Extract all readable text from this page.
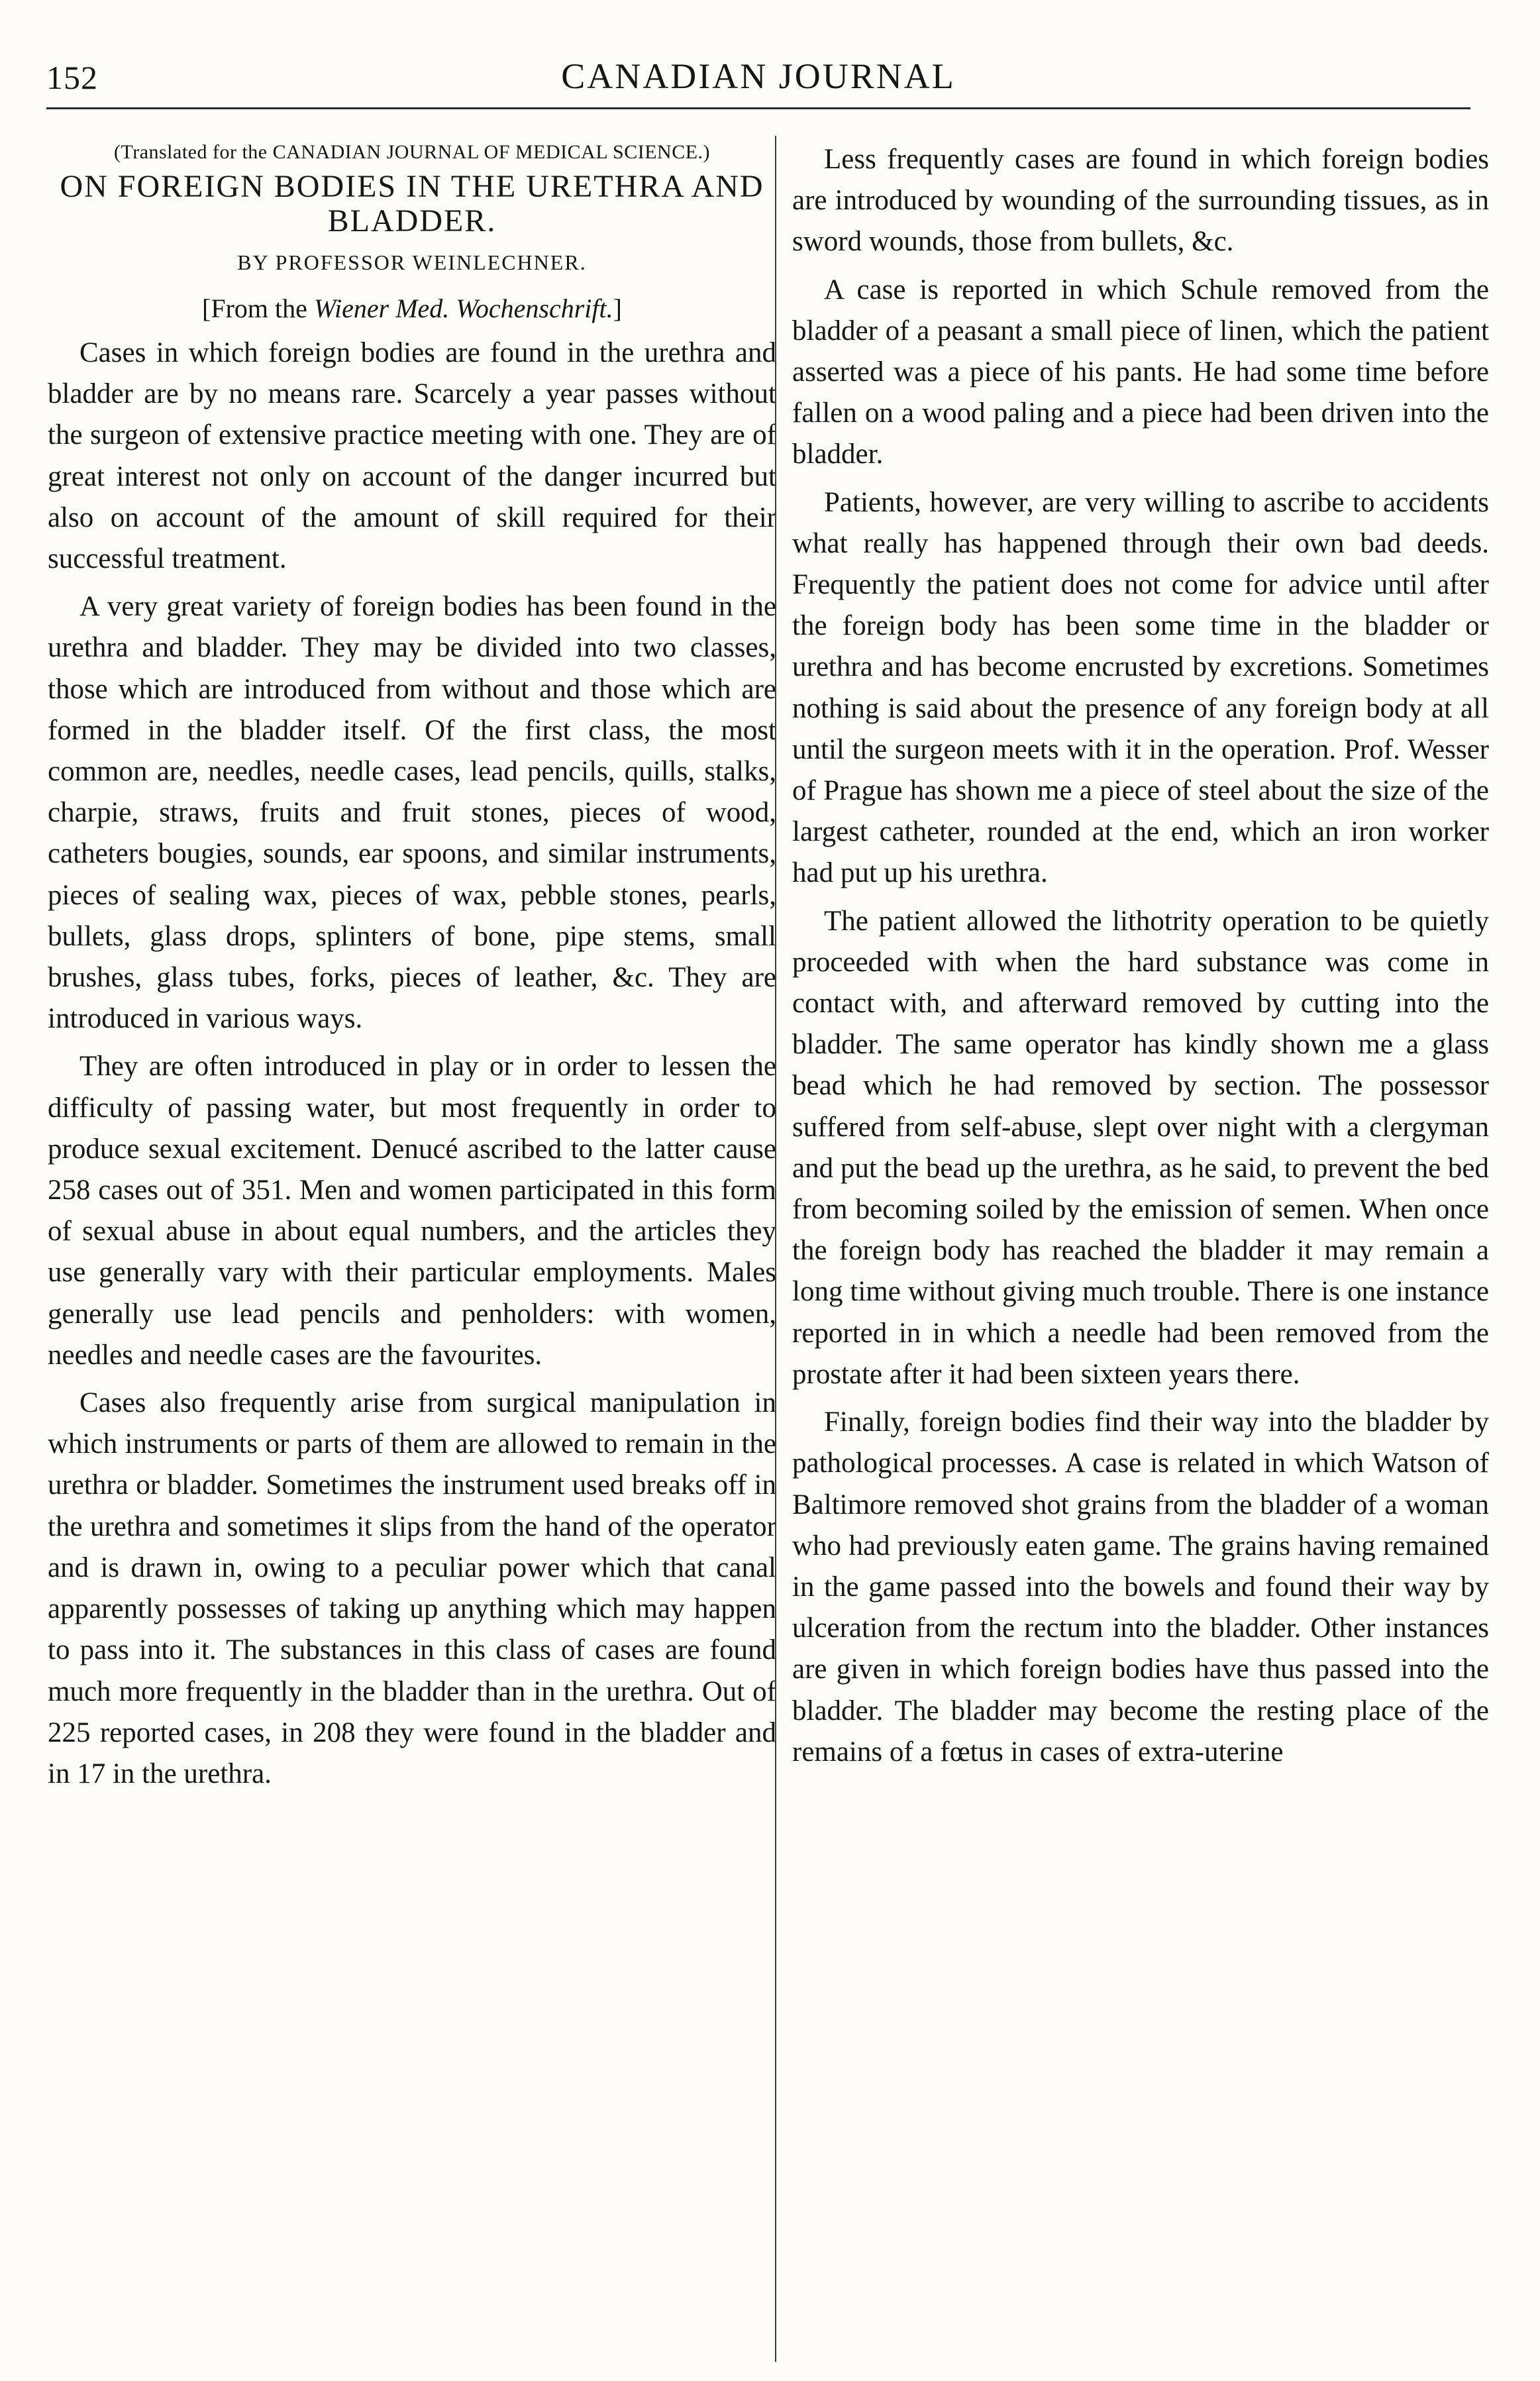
152	CANADIAN JOURNAL

(Translated for the CANADIAN JOURNAL OF MEDICAL SCIENCE.)

ON FOREIGN BODIES IN THE URETHRA AND BLADDER.

BY PROFESSOR WEINLECHNER.

[From the Wiener Med. Wochenschrift.]

Cases in which foreign bodies are found in the urethra and bladder are by no means rare. Scarcely a year passes without the surgeon of extensive practice meeting with one. They are of great interest not only on account of the danger incurred but also on account of the amount of skill required for their successful treatment.

A very great variety of foreign bodies has been found in the urethra and bladder. They may be divided into two classes, those which are introduced from without and those which are formed in the bladder itself. Of the first class, the most common are, needles, needle cases, lead pencils, quills, stalks, charpie, straws, fruits and fruit stones, pieces of wood, catheters bougies, sounds, ear spoons, and similar instruments, pieces of sealing wax, pieces of wax, pebble stones, pearls, bullets, glass drops, splinters of bone, pipe stems, small brushes, glass tubes, forks, pieces of leather, &c. They are introduced in various ways.

They are often introduced in play or in order to lessen the difficulty of passing water, but most frequently in order to produce sexual excitement. Denucé ascribed to the latter cause 258 cases out of 351. Men and women participated in this form of sexual abuse in about equal numbers, and the articles they use generally vary with their particular employments. Males generally use lead pencils and penholders: with women, needles and needle cases are the favourites.

Cases also frequently arise from surgical manipulation in which instruments or parts of them are allowed to remain in the urethra or bladder. Sometimes the instrument used breaks off in the urethra and sometimes it slips from the hand of the operator and is drawn in, owing to a peculiar power which that canal apparently possesses of taking up anything which may happen to pass into it. The substances in this class of cases are found much more frequently in the bladder than in the urethra. Out of 225 reported cases, in 208 they were found in the bladder and in 17 in the urethra.

Less frequently cases are found in which foreign bodies are introduced by wounding of the surrounding tissues, as in sword wounds, those from bullets, &c.

A case is reported in which Schule removed from the bladder of a peasant a small piece of linen, which the patient asserted was a piece of his pants. He had some time before fallen on a wood paling and a piece had been driven into the bladder.

Patients, however, are very willing to ascribe to accidents what really has happened through their own bad deeds. Frequently the patient does not come for advice until after the foreign body has been some time in the bladder or urethra and has become encrusted by excretions. Sometimes nothing is said about the presence of any foreign body at all until the surgeon meets with it in the operation. Prof. Wesser of Prague has shown me a piece of steel about the size of the largest catheter, rounded at the end, which an iron worker had put up his urethra.

The patient allowed the lithotrity operation to be quietly proceeded with when the hard substance was come in contact with, and afterward removed by cutting into the bladder. The same operator has kindly shown me a glass bead which he had removed by section. The possessor suffered from self-abuse, slept over night with a clergyman and put the bead up the urethra, as he said, to prevent the bed from becoming soiled by the emission of semen. When once the foreign body has reached the bladder it may remain a long time without giving much trouble. There is one instance reported in in which a needle had been removed from the prostate after it had been sixteen years there.

Finally, foreign bodies find their way into the bladder by pathological processes. A case is related in which Watson of Baltimore removed shot grains from the bladder of a woman who had previously eaten game. The grains having remained in the game passed into the bowels and found their way by ulceration from the rectum into the bladder. Other instances are given in which foreign bodies have thus passed into the bladder. The bladder may become the resting place of the remains of a fœtus in cases of extra-uterine
